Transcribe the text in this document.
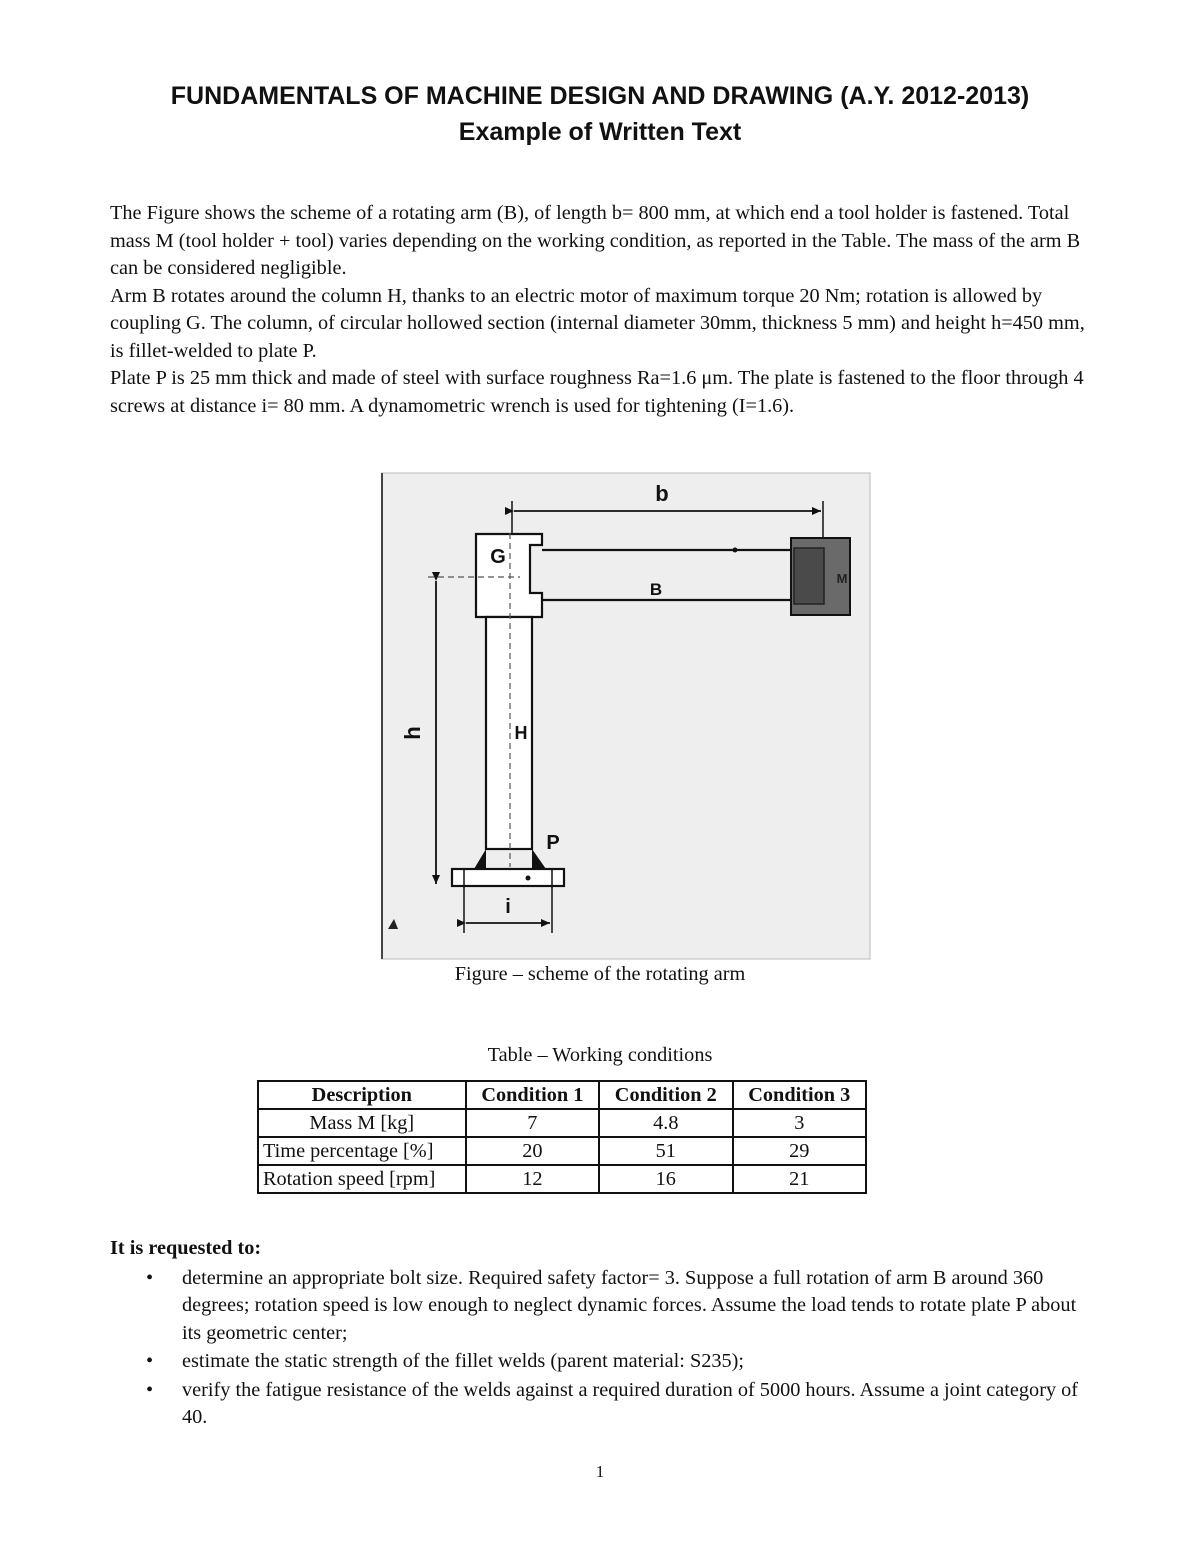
FUNDAMENTALS OF MACHINE DESIGN AND DRAWING (A.Y. 2012-2013)
Example of Written Text

The Figure shows the scheme of a rotating arm (B), of length b= 800 mm, at which end a tool holder is fastened. Total mass M (tool holder + tool) varies depending on the working condition, as reported in the Table. The mass of the arm B can be considered negligible.

Arm B rotates around the column H, thanks to an electric motor of maximum torque 20 Nm; rotation is allowed by coupling G. The column, of circular hollowed section (internal diameter 30mm, thickness 5 mm) and height h=450 mm, is fillet-welded to plate P.

Plate P is 25 mm thick and made of steel with surface roughness Ra=1.6 μm. The plate is fastened to the floor through 4 screws at distance i= 80 mm. A dynamometric wrench is used for tightening (I=1.6).

b
G
B
M
h	H
P
i
Figure – scheme of the rotating arm
Table – Working conditions
Description	Condition 1	Condition 2	Condition 3
Mass M [kg]	7	4.8	3
Time percentage [%]	20	51	29
Rotation speed [rpm]	12	16	21

It is requested to:

• determine an appropriate bolt size. Required safety factor= 3. Suppose a full rotation of arm B around 360 degrees; rotation speed is low enough to neglect dynamic forces. Assume the load tends to rotate plate P about its geometric center;
• estimate the static strength of the fillet welds (parent material: S235);
• verify the fatigue resistance of the welds against a required duration of 5000 hours. Assume a joint category of 40.
1
